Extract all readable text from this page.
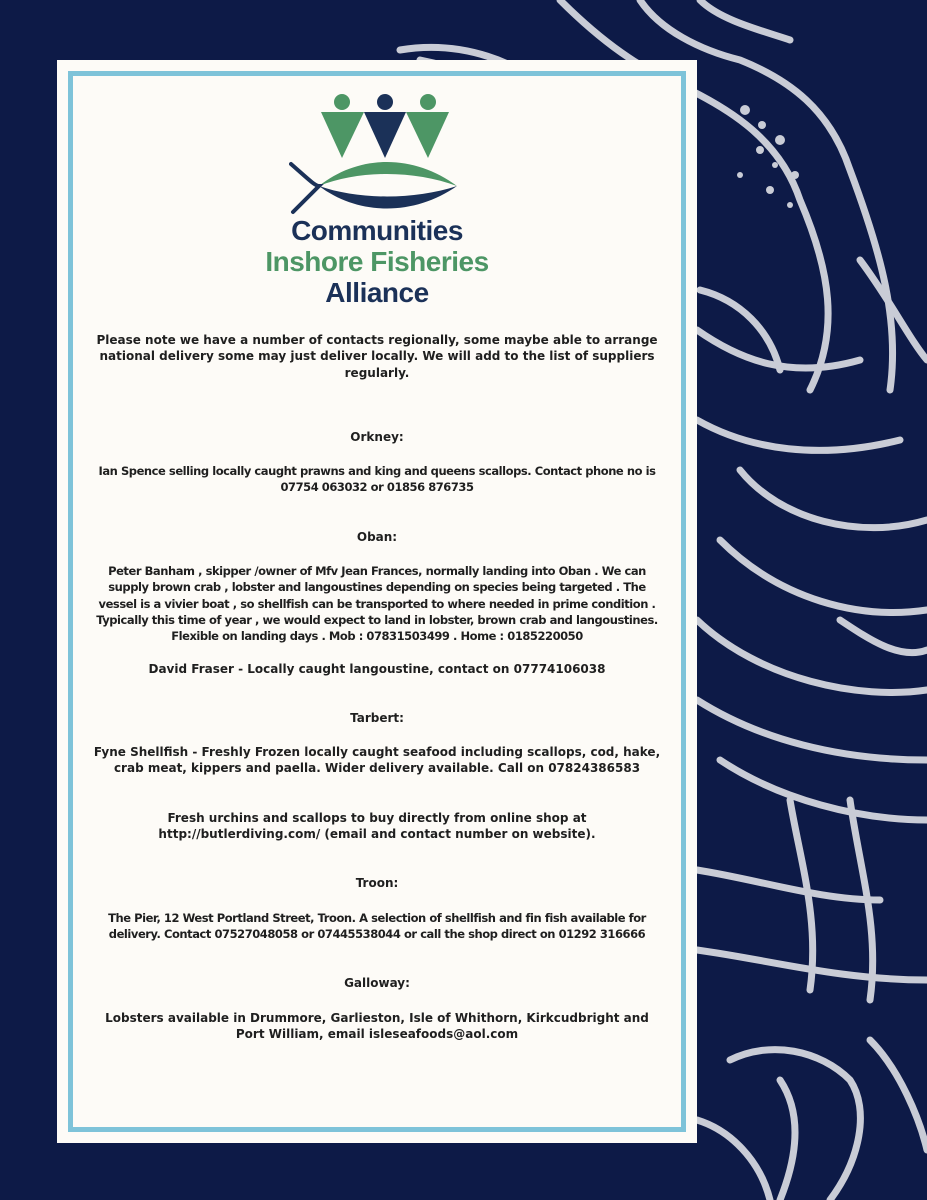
Communities
Inshore Fisheries
Alliance

Please note we have a number of contacts regionally, some maybe able to arrange national delivery some may just deliver locally. We will add to the list of suppliers regularly.

Orkney:

Ian Spence selling locally caught prawns and king and queens scallops. Contact phone no is 07754 063032 or 01856 876735

Oban:

Peter Banham , skipper /owner of Mfv Jean Frances, normally landing into Oban . We can supply brown crab , lobster and langoustines depending on species being targeted . The vessel is a vivier boat , so shellfish can be transported to where needed in prime condition . Typically this time of year , we would expect to land in lobster, brown crab and langoustines. Flexible on landing days . Mob : 07831503499 . Home : 0185220050

David Fraser - Locally caught langoustine, contact on 07774106038

Tarbert:

Fyne Shellfish - Freshly Frozen locally caught seafood including scallops, cod, hake, crab meat, kippers and paella. Wider delivery available. Call on 07824386583

Fresh urchins and scallops to buy directly from online shop at http://butlerdiving.com/ (email and contact number on website).

Troon:

The Pier, 12 West Portland Street, Troon. A selection of shellfish and fin fish available for delivery. Contact 07527048058 or 07445538044 or call the shop direct on 01292 316666

Galloway:

Lobsters available in Drummore, Garlieston, Isle of Whithorn, Kirkcudbright and Port William, email isleseafoods@aol.com
